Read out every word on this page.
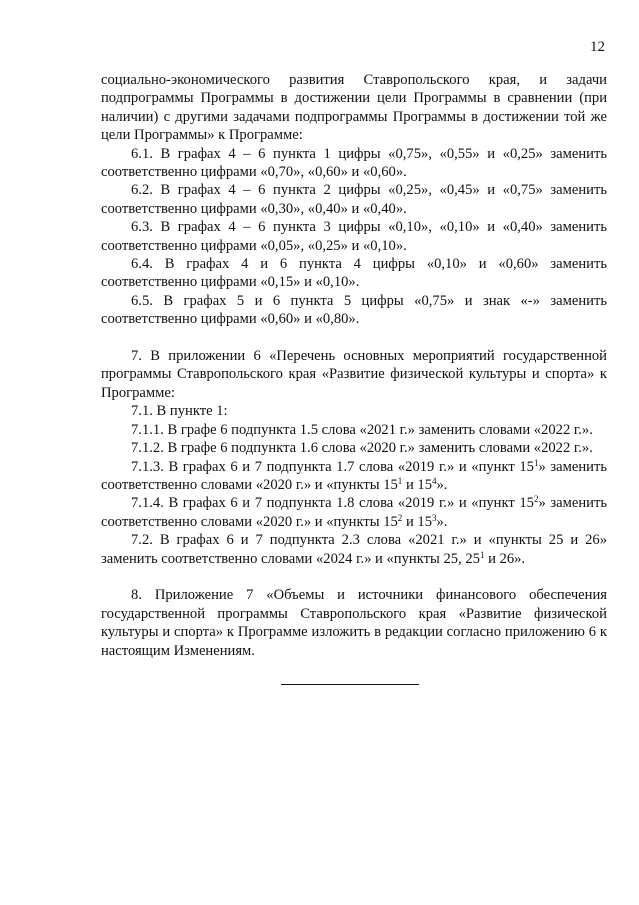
12

социально-экономического развития Ставропольского края, и задачи подпрограммы Программы в достижении цели Программы в сравнении (при наличии) с другими задачами подпрограммы Программы в достижении той же цели Программы» к Программе:

6.1. В графах 4 – 6 пункта 1 цифры «0,75», «0,55» и «0,25» заменить соответственно цифрами «0,70», «0,60» и «0,60».

6.2. В графах 4 – 6 пункта 2 цифры «0,25», «0,45» и «0,75» заменить соответственно цифрами «0,30», «0,40» и «0,40».

6.3. В графах 4 – 6 пункта 3 цифры «0,10», «0,10» и «0,40» заменить соответственно цифрами «0,05», «0,25» и «0,10».

6.4. В графах 4 и 6 пункта 4 цифры «0,10» и «0,60» заменить соответственно цифрами «0,15» и «0,10».

6.5. В графах 5 и 6 пункта 5 цифры «0,75» и знак «-» заменить соответственно цифрами «0,60» и «0,80».

7. В приложении 6 «Перечень основных мероприятий государственной программы Ставропольского края «Развитие физической культуры и спорта» к Программе:

7.1. В пункте 1:

7.1.1. В графе 6 подпункта 1.5 слова «2021 г.» заменить словами «2022 г.».

7.1.2. В графе 6 подпункта 1.6 слова «2020 г.» заменить словами «2022 г.».

7.1.3. В графах 6 и 7 подпункта 1.7 слова «2019 г.» и «пункт $15^1$» заменить соответственно словами «2020 г.» и «пункты $15^1$ и $15^4$».

7.1.4. В графах 6 и 7 подпункта 1.8 слова «2019 г.» и «пункт $15^2$» заменить соответственно словами «2020 г.» и «пункты $15^2$ и $15^3$».

7.2. В графах 6 и 7 подпункта 2.3 слова «2021 г.» и «пункты 25 и 26» заменить соответственно словами «2024 г.» и «пункты 25, $25^1$ и 26».

8. Приложение 7 «Объемы и источники финансового обеспечения государственной программы Ставропольского края «Развитие физической культуры и спорта» к Программе изложить в редакции согласно приложению 6 к настоящим Изменениям.
